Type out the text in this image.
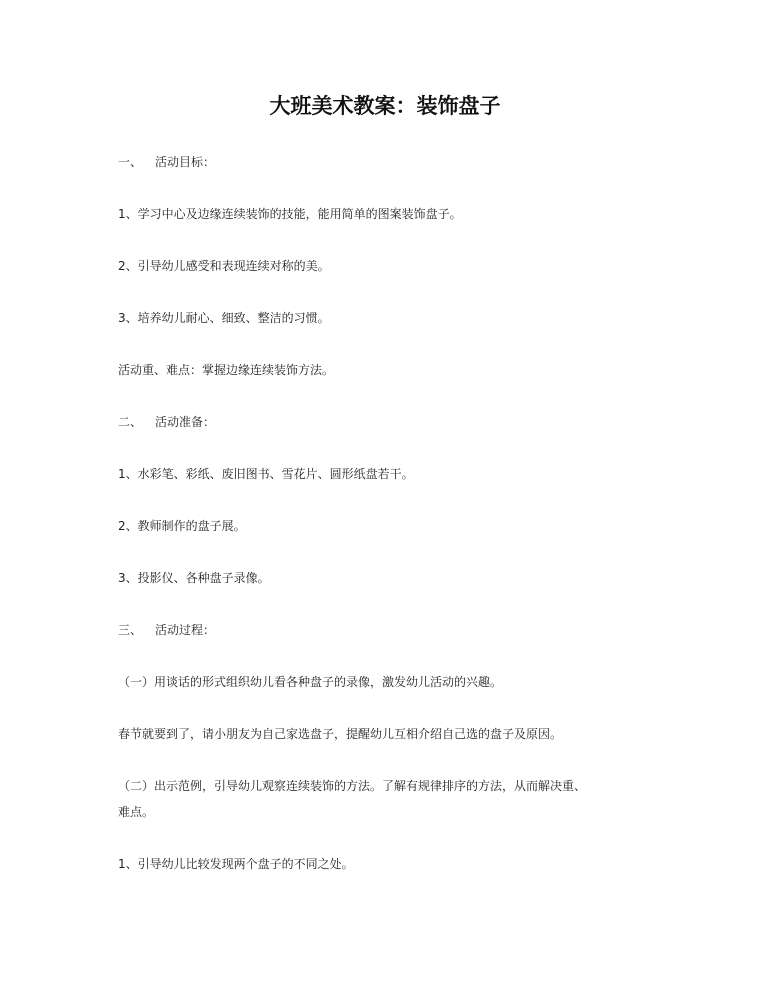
大班美术教案：装饰盘子
一、 活动目标：
1、学习中心及边缘连续装饰的技能，能用简单的图案装饰盘子。
2、引导幼儿感受和表现连续对称的美。
3、培养幼儿耐心、细致、整洁的习惯。
活动重、难点：掌握边缘连续装饰方法。
二、 活动准备：
1、水彩笔、彩纸、废旧图书、雪花片、圆形纸盘若干。
2、教师制作的盘子展。
3、投影仪、各种盘子录像。
三、 活动过程：
（一）用谈话的形式组织幼儿看各种盘子的录像，激发幼儿活动的兴趣。
春节就要到了，请小朋友为自己家选盘子，提醒幼儿互相介绍自己选的盘子及原因。
（二）出示范例，引导幼儿观察连续装饰的方法。了解有规律排序的方法，从而解决重、
难点。
1、引导幼儿比较发现两个盘子的不同之处。
